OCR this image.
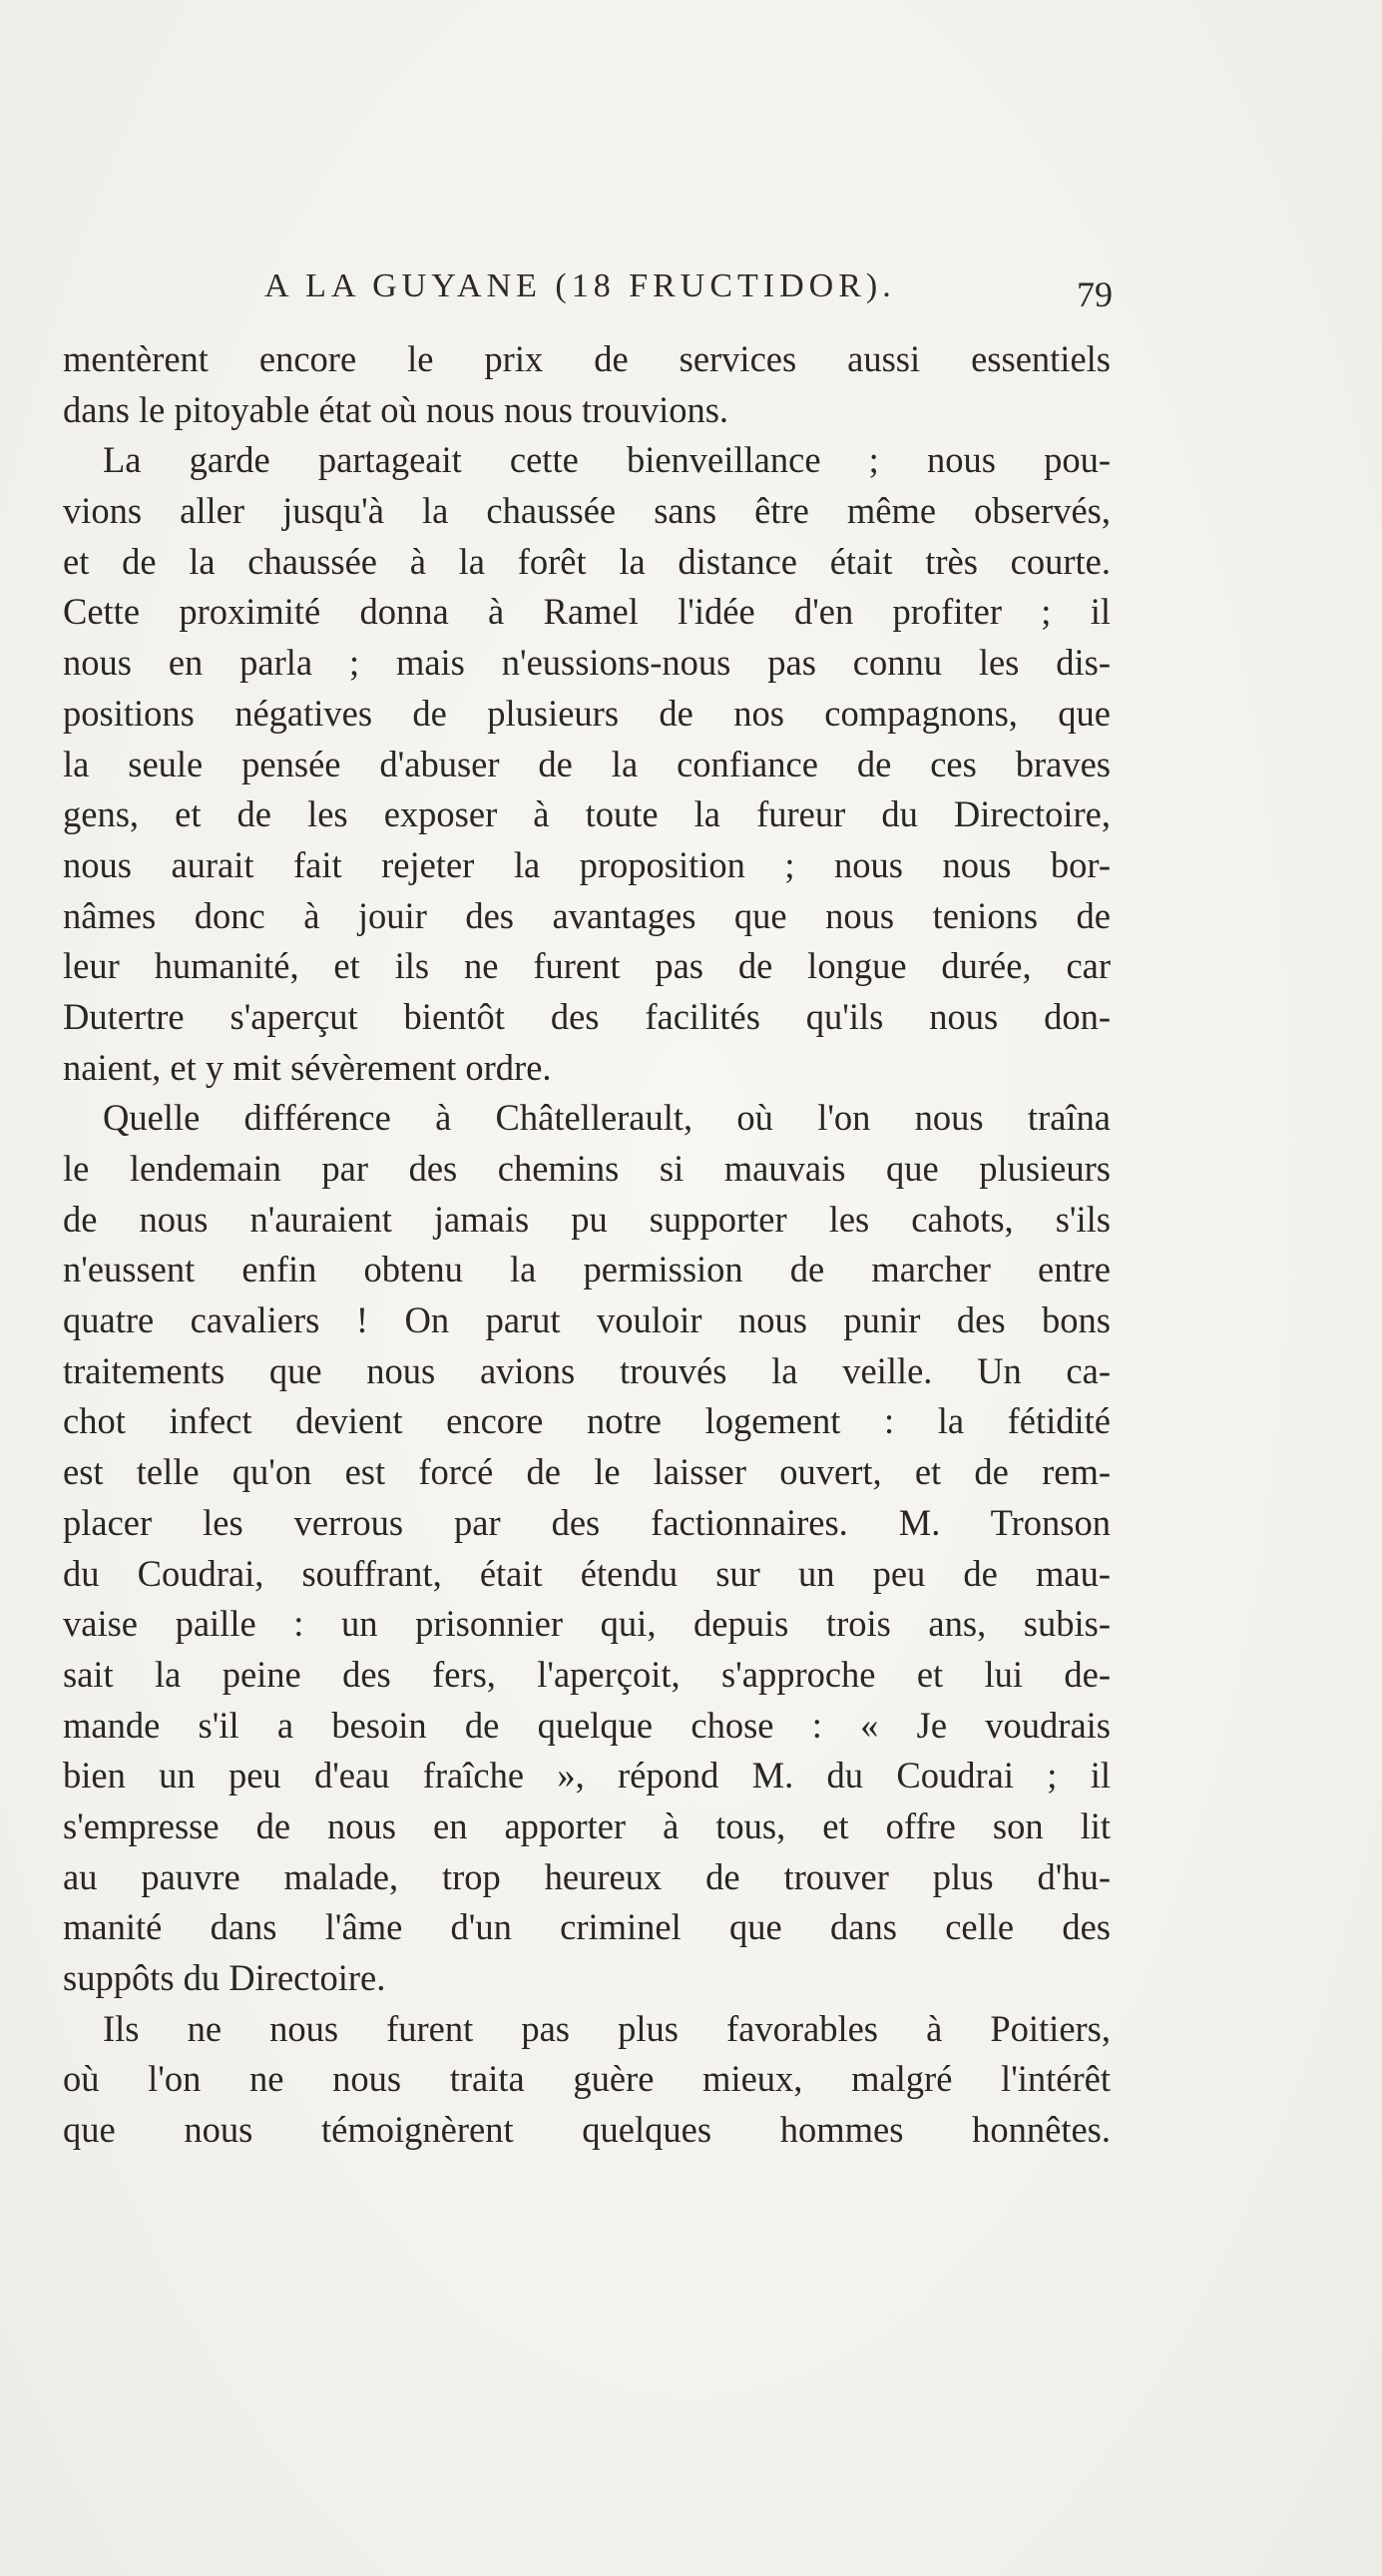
A LA GUYANE (18 FRUCTIDOR).	79
mentèrent encore le prix de services aussi essentiels
dans le pitoyable état où nous nous trouvions.
La garde partageait cette bienveillance ; nous pou-
vions aller jusqu'à la chaussée sans être même observés,
et de la chaussée à la forêt la distance était très courte.
Cette proximité donna à Ramel l'idée d'en profiter ; il
nous en parla ; mais n'eussions-nous pas connu les dis-
positions négatives de plusieurs de nos compagnons, que
la seule pensée d'abuser de la confiance de ces braves
gens, et de les exposer à toute la fureur du Directoire,
nous aurait fait rejeter la proposition ; nous nous bor-
nâmes donc à jouir des avantages que nous tenions de
leur humanité, et ils ne furent pas de longue durée, car
Dutertre s'aperçut bientôt des facilités qu'ils nous don-
naient, et y mit sévèrement ordre.
Quelle différence à Châtellerault, où l'on nous traîna
le lendemain par des chemins si mauvais que plusieurs
de nous n'auraient jamais pu supporter les cahots, s'ils
n'eussent enfin obtenu la permission de marcher entre
quatre cavaliers ! On parut vouloir nous punir des bons
traitements que nous avions trouvés la veille. Un ca-
chot infect devient encore notre logement : la fétidité
est telle qu'on est forcé de le laisser ouvert, et de rem-
placer les verrous par des factionnaires. M. Tronson
du Coudrai, souffrant, était étendu sur un peu de mau-
vaise paille : un prisonnier qui, depuis trois ans, subis-
sait la peine des fers, l'aperçoit, s'approche et lui de-
mande s'il a besoin de quelque chose : « Je voudrais
bien un peu d'eau fraîche », répond M. du Coudrai ; il
s'empresse de nous en apporter à tous, et offre son lit
au pauvre malade, trop heureux de trouver plus d'hu-
manité dans l'âme d'un criminel que dans celle des
suppôts du Directoire.
Ils ne nous furent pas plus favorables à Poitiers,
où l'on ne nous traita guère mieux, malgré l'intérêt
que nous témoignèrent quelques hommes honnêtes.
